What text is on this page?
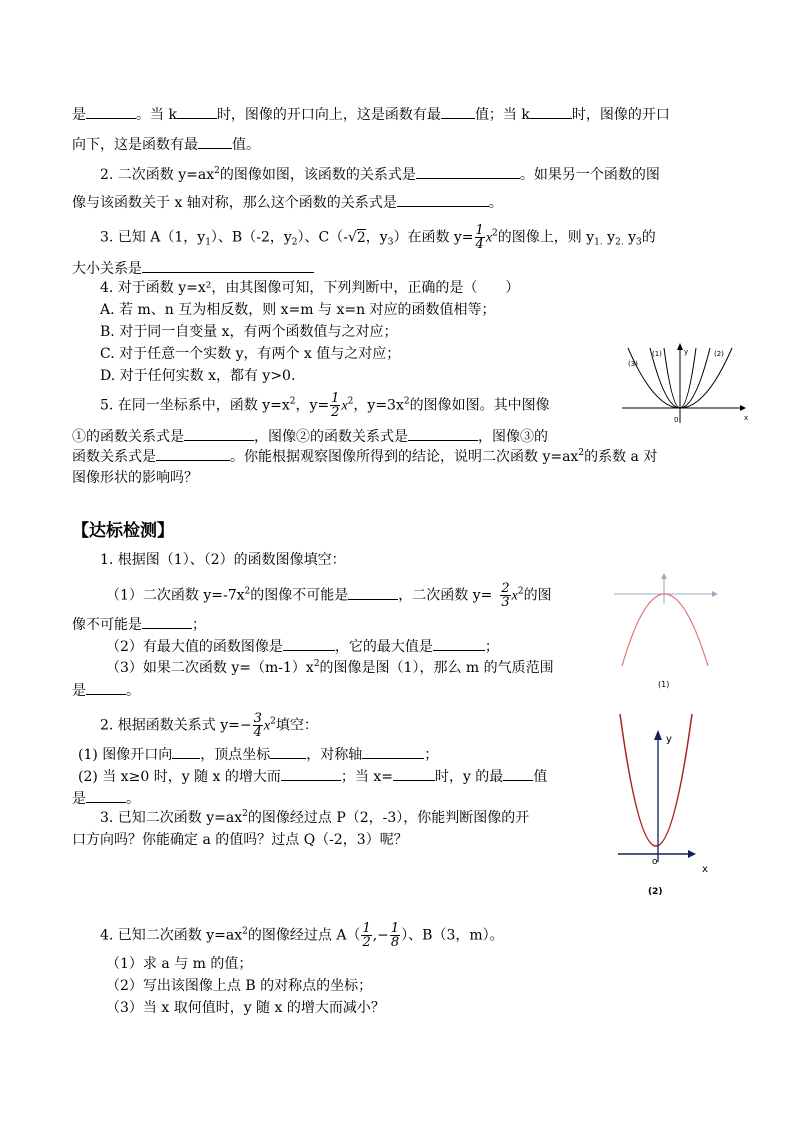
是	。当 k	时，图像的开口向上，这是函数有最 值；当 k	时，图像的开口
向下，这是函数有最 值。
2. 二次函数 $y=ax^2$的图像如图，该函数的关系式是	。如果另一个函数的图
像与该函数关于 x 轴对称，那么这个函数的关系式是	。
3. 已知 A（1，$y_1$）、B（-2，$y_2$）、C（-√2，$y_3$）在函数 $y= \frac{1}{4} x^2$的图像上，则 $y_{1.}$ $y_{2.}$ $y_3$的
大小关系是
4. 对于函数 y=x²，由其图像可知，下列判断中，正确的是（　　）
A. 若 m、n 互为相反数，则 x=m 与 x=n 对应的函数值相等；
B. 对于同一自变量 x，有两个函数值与之对应；
C. 对于任意一个实数 y，有两个 x 值与之对应；
D. 对于任何实数 x，都有 y>0.
5. 在同一坐标系中，函数 $y=x^2$，$y= \frac{1}{2} x^2$，$y=3x^2$的图像如图。其中图像
①的函数关系式是	，图像②的函数关系式是	，图像③的
函数关系式是	。你能根据观察图像所得到的结论，说明二次函数 $y=ax^2$的系数 a 对
图像形状的影响吗？
(3)
(1)	y	(2)
x
0
【达标检测】
1. 根据图（1）、（2）的函数图像填空：
（1）二次函数 $y=-7x^2$的图像不可能是	，二次函数 $y= \frac{2}{3} x^2$的图
像不可能是	；
（2）有最大值的函数图像是	，它的最大值是	；
（3）如果二次函数 $y=(m-1)x^2$的图像是图（1），那么 m 的气质范围
是	。
2. 根据函数关系式 $y=- \frac{3}{4} x^2$填空：
(1) 图像开口向 ，顶点坐标	，对称轴	；
(2) 当 x≥0 时，y 随 x 的增大而	；当 x=	时，y 的最 值
是	。
3. 已知二次函数 $y=ax^2$的图像经过点 P（2，-3），你能判断图像的开
口方向吗？你能确定 a 的值吗？过点 Q（-2，3）呢？
4. 已知二次函数 $y=ax^2$的图像经过点 $A( \frac{1}{2}$ ,− $\frac{1}{8}$ ）、B（3，m）。
（1）求 a 与 m 的值；
（2）写出该图像上点 B 的对称点的坐标；
（3）当 x 取何值时，y 随 x 的增大而减小？
(1)
y
o
x
(2)
